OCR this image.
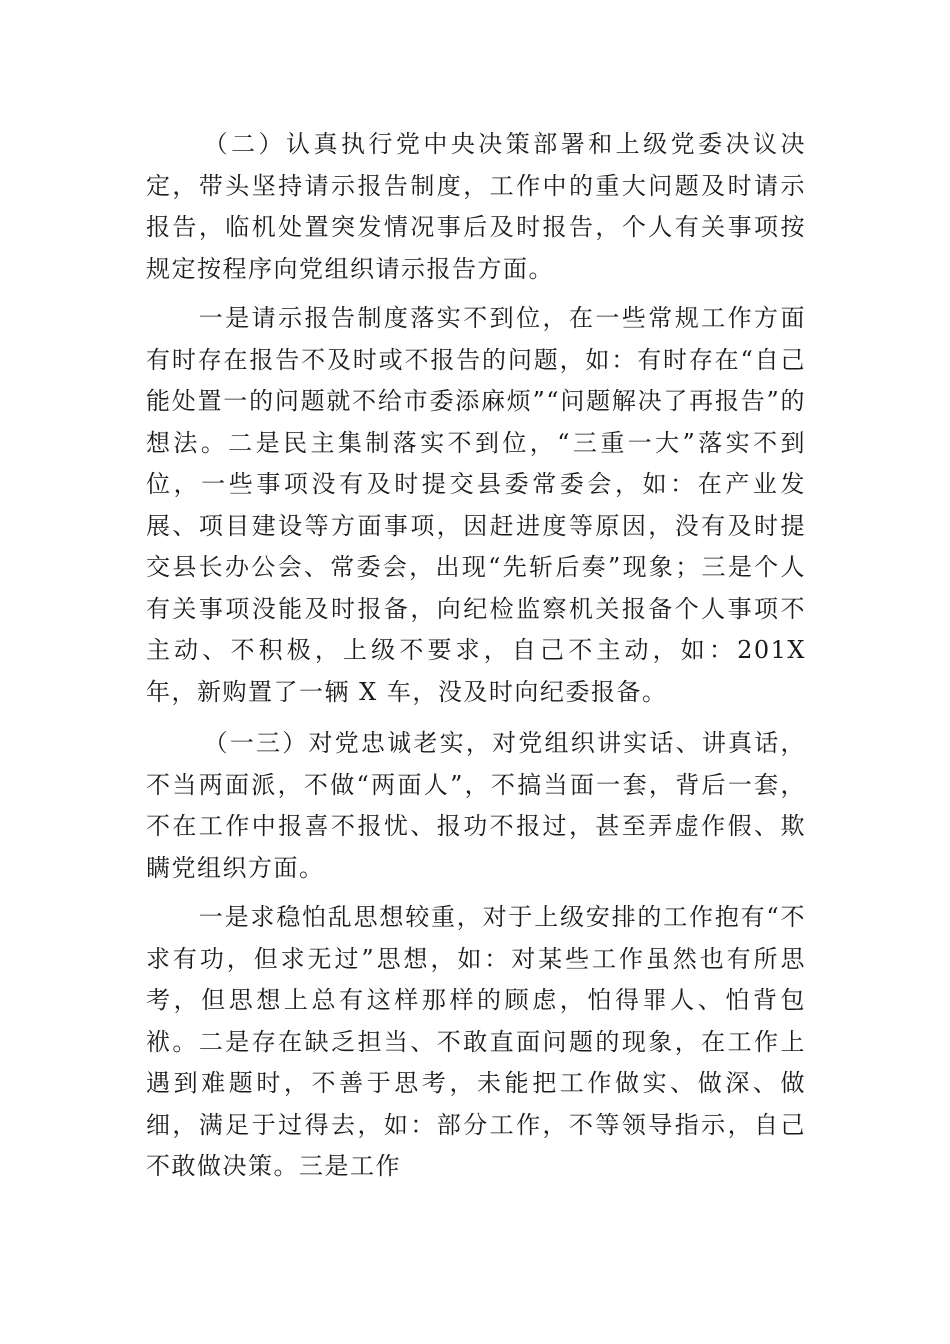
（二）认真执行党中央决策部署和上级党委决议决定，带头坚持请示报告制度，工作中的重大问题及时请示报告，临机处置突发情况事后及时报告，个人有关事项按规定按程序向党组织请示报告方面。

一是请示报告制度落实不到位，在一些常规工作方面有时存在报告不及时或不报告的问题，如：有时存在“自己能处置一的问题就不给市委添麻烦”“问题解决了再报告”的想法。二是民主集制落实不到位，“三重一大”落实不到位，一些事项没有及时提交县委常委会，如：在产业发展、项目建设等方面事项，因赶进度等原因，没有及时提交县长办公会、常委会，出现“先斩后奏”现象；三是个人有关事项没能及时报备，向纪检监察机关报备个人事项不主动、不积极，上级不要求，自己不主动，如：201X 年，新购置了一辆 X 车，没及时向纪委报备。

（一三）对党忠诚老实，对党组织讲实话、讲真话，不当两面派，不做“两面人”，不搞当面一套，背后一套，不在工作中报喜不报忧、报功不报过，甚至弄虚作假、欺瞒党组织方面。

一是求稳怕乱思想较重，对于上级安排的工作抱有“不求有功，但求无过”思想，如：对某些工作虽然也有所思考，但思想上总有这样那样的顾虑，怕得罪人、怕背包袱。二是存在缺乏担当、不敢直面问题的现象，在工作上遇到难题时，不善于思考，未能把工作做实、做深、做细，满足于过得去，如：部分工作，不等领导指示，自己不敢做决策。三是工作
